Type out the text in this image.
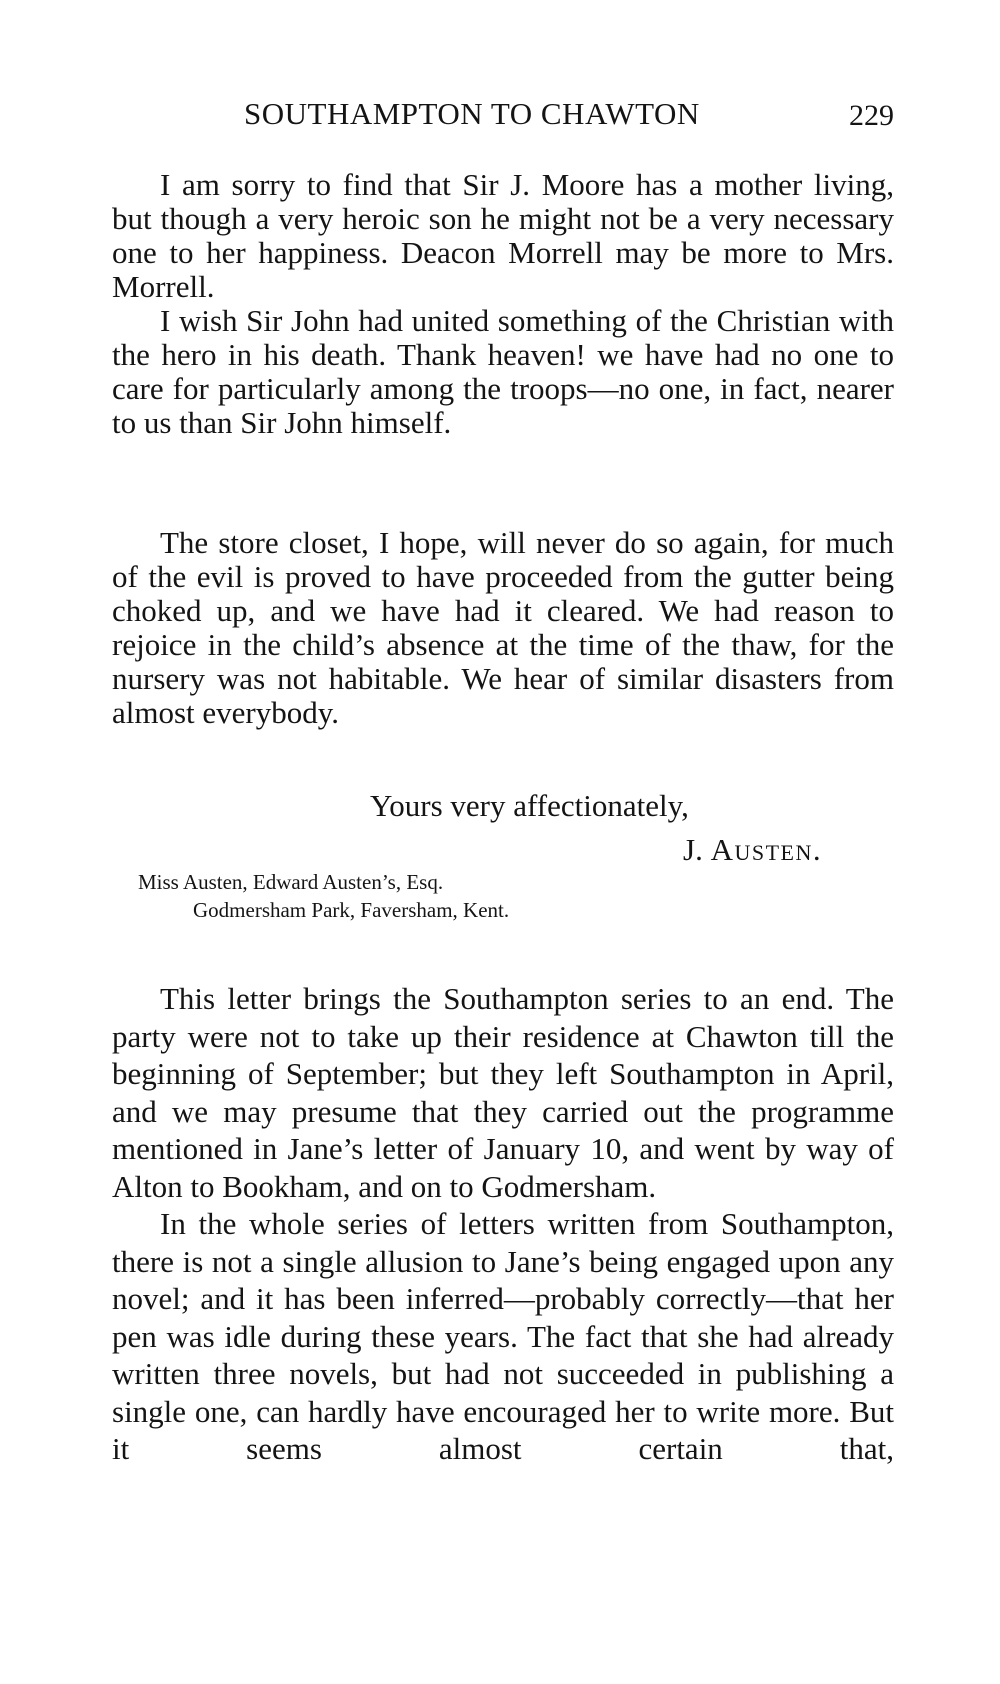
SOUTHAMPTON TO CHAWTON	229

I am sorry to find that Sir J. Moore has a mother living, but though a very heroic son he might not be a very necessary one to her happiness. Deacon Morrell may be more to Mrs. Morrell.

I wish Sir John had united something of the Christian with the hero in his death. Thank heaven! we have had no one to care for particularly among the troops—no one, in fact, nearer to us than Sir John himself.

The store closet, I hope, will never do so again, for much of the evil is proved to have proceeded from the gutter being choked up, and we have had it cleared. We had reason to rejoice in the child’s absence at the time of the thaw, for the nursery was not habitable. We hear of similar disasters from almost everybody.

Yours very affectionately,
J. Austen.
Miss Austen, Edward Austen’s, Esq.
Godmersham Park, Faversham, Kent.

This letter brings the Southampton series to an end. The party were not to take up their residence at Chawton till the beginning of September; but they left Southampton in April, and we may presume that they carried out the programme mentioned in Jane’s letter of January 10, and went by way of Alton to Bookham, and on to Godmersham.

In the whole series of letters written from Southampton, there is not a single allusion to Jane’s being engaged upon any novel; and it has been inferred—probably correctly—that her pen was idle during these years. The fact that she had already written three novels, but had not succeeded in publishing a single one, can hardly have encouraged her to write more. But it seems almost certain that,
